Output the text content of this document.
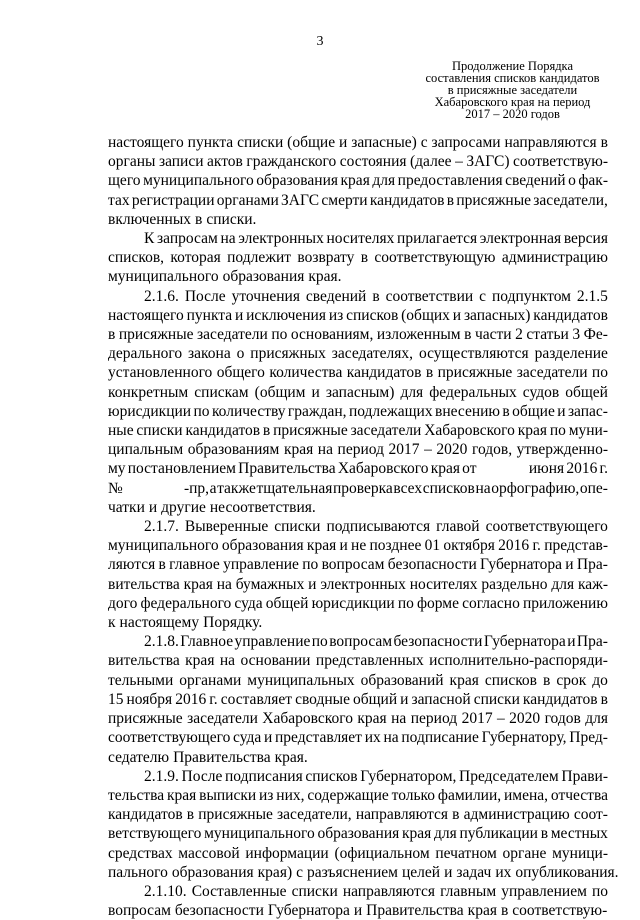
3
Продолжение Порядка
составления списков кандидатов
в присяжные заседатели
Хабаровского края на период
2017 – 2020 годов
настоящего пункта списки (общие и запасные) с запросами направляются в
органы записи актов гражданского состояния (далее – ЗАГС) соответствую-
щего муниципального образования края для предоставления сведений о фак-
тах регистрации органами ЗАГС смерти кандидатов в присяжные заседатели,
включенных в списки.
К запросам на электронных носителях прилагается электронная версия
списков, которая подлежит возврату в соответствующую администрацию
муниципального образования края.
2.1.6. После уточнения сведений в соответствии с подпунктом 2.1.5
настоящего пункта и исключения из списков (общих и запасных) кандидатов
в присяжные заседатели по основаниям, изложенным в части 2 статьи 3 Фе-
дерального закона о присяжных заседателях, осуществляются разделение
установленного общего количества кандидатов в присяжные заседатели по
конкретным спискам (общим и запасным) для федеральных судов общей
юрисдикции по количеству граждан, подлежащих внесению в общие и запас-
ные списки кандидатов в присяжные заседатели Хабаровского края по муни-
ципальным образованиям края на период 2017 – 2020 годов, утвержденно-
му постановлением Правительства Хабаровского края от
	июня 2016 г.
№
	-пр, а также тщательная проверка всех списков на орфографию, опе-
чатки и другие несоответствия.
2.1.7. Выверенные списки подписываются главой соответствующего
муниципального образования края и не позднее 01 октября 2016 г. представ-
ляются в главное управление по вопросам безопасности Губернатора и Пра-
вительства края на бумажных и электронных носителях раздельно для каж-
дого федерального суда общей юрисдикции по форме согласно приложению
к настоящему Порядку.
2.1.8. Главное управление по вопросам безопасности Губернатора и Пра-
вительства края на основании представленных исполнительно-распоряди-
тельными органами муниципальных образований края списков в срок до
15 ноября 2016 г. составляет сводные общий и запасной списки кандидатов в
присяжные заседатели Хабаровского края на период 2017 – 2020 годов для
соответствующего суда и представляет их на подписание Губернатору, Пред-
седателю Правительства края.
2.1.9. После подписания списков Губернатором, Председателем Прави-
тельства края выписки из них, содержащие только фамилии, имена, отчества
кандидатов в присяжные заседатели, направляются в администрацию соот-
ветствующего муниципального образования края для публикации в местных
средствах массовой информации (официальном печатном органе муници-
пального образования края) с разъяснением целей и задач их опубликования.
2.1.10. Составленные списки направляются главным управлением по
вопросам безопасности Губернатора и Правительства края в соответствую-
